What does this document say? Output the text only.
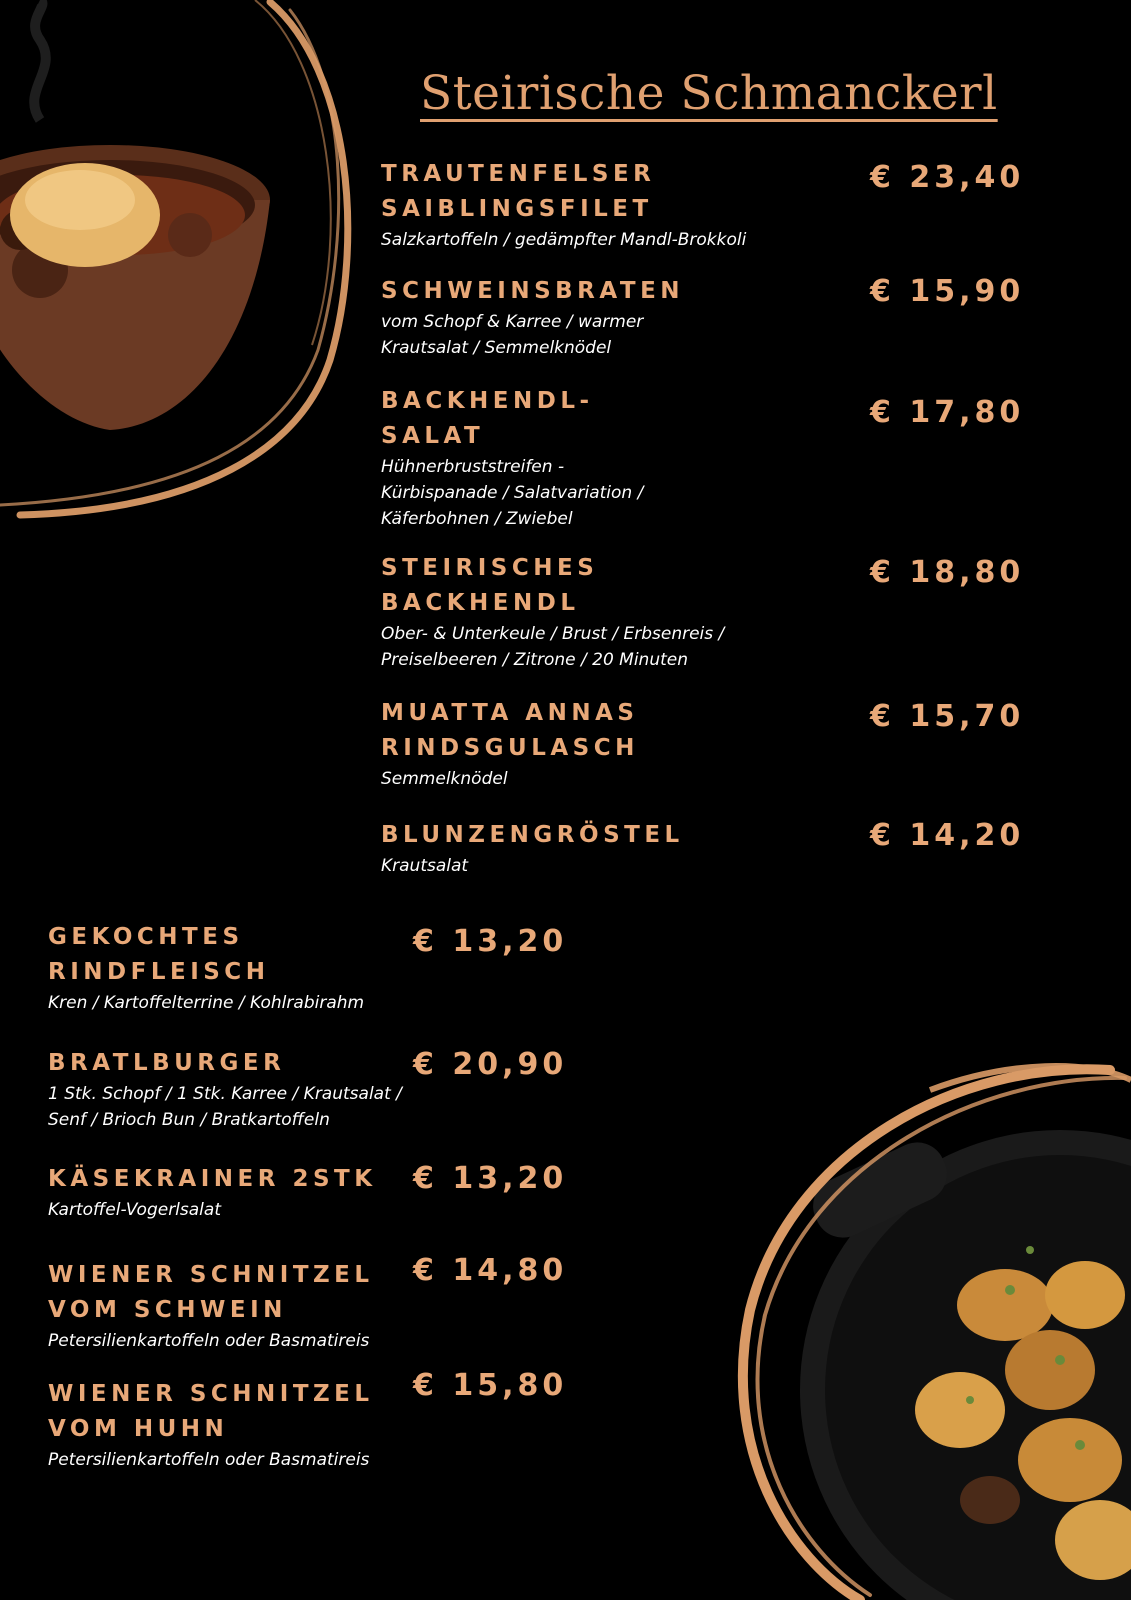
Steirische Schmanckerl
TRAUTENFELSER
SAIBLINGSFILET
Salzkartoffeln / gedämpfter Mandl-Brokkoli
€ 23,40
SCHWEINSBRATEN
vom Schopf & Karree / warmer
Krautsalat / Semmelknödel
€ 15,90
BACKHENDL-
SALAT
Hühnerbruststreifen -
Kürbispanade / Salatvariation /
Käferbohnen / Zwiebel
€ 17,80
STEIRISCHES
BACKHENDL
Ober- & Unterkeule / Brust / Erbsenreis /
Preiselbeeren / Zitrone / 20 Minuten
€ 18,80
MUATTA ANNAS
RINDSGULASCH
Semmelknödel
€ 15,70
BLUNZENGRÖSTEL
Krautsalat
€ 14,20
GEKOCHTES
RINDFLEISCH
Kren / Kartoffelterrine / Kohlrabirahm
€ 13,20
BRATLBURGER
1 Stk. Schopf / 1 Stk. Karree / Krautsalat /
Senf / Brioch Bun / Bratkartoffeln
€ 20,90
KÄSEKRAINER 2STK
Kartoffel-Vogerlsalat
€ 13,20
WIENER SCHNITZEL
VOM SCHWEIN
Petersilienkartoffeln oder Basmatireis
€ 14,80
WIENER SCHNITZEL
VOM HUHN
Petersilienkartoffeln oder Basmatireis
€ 15,80
